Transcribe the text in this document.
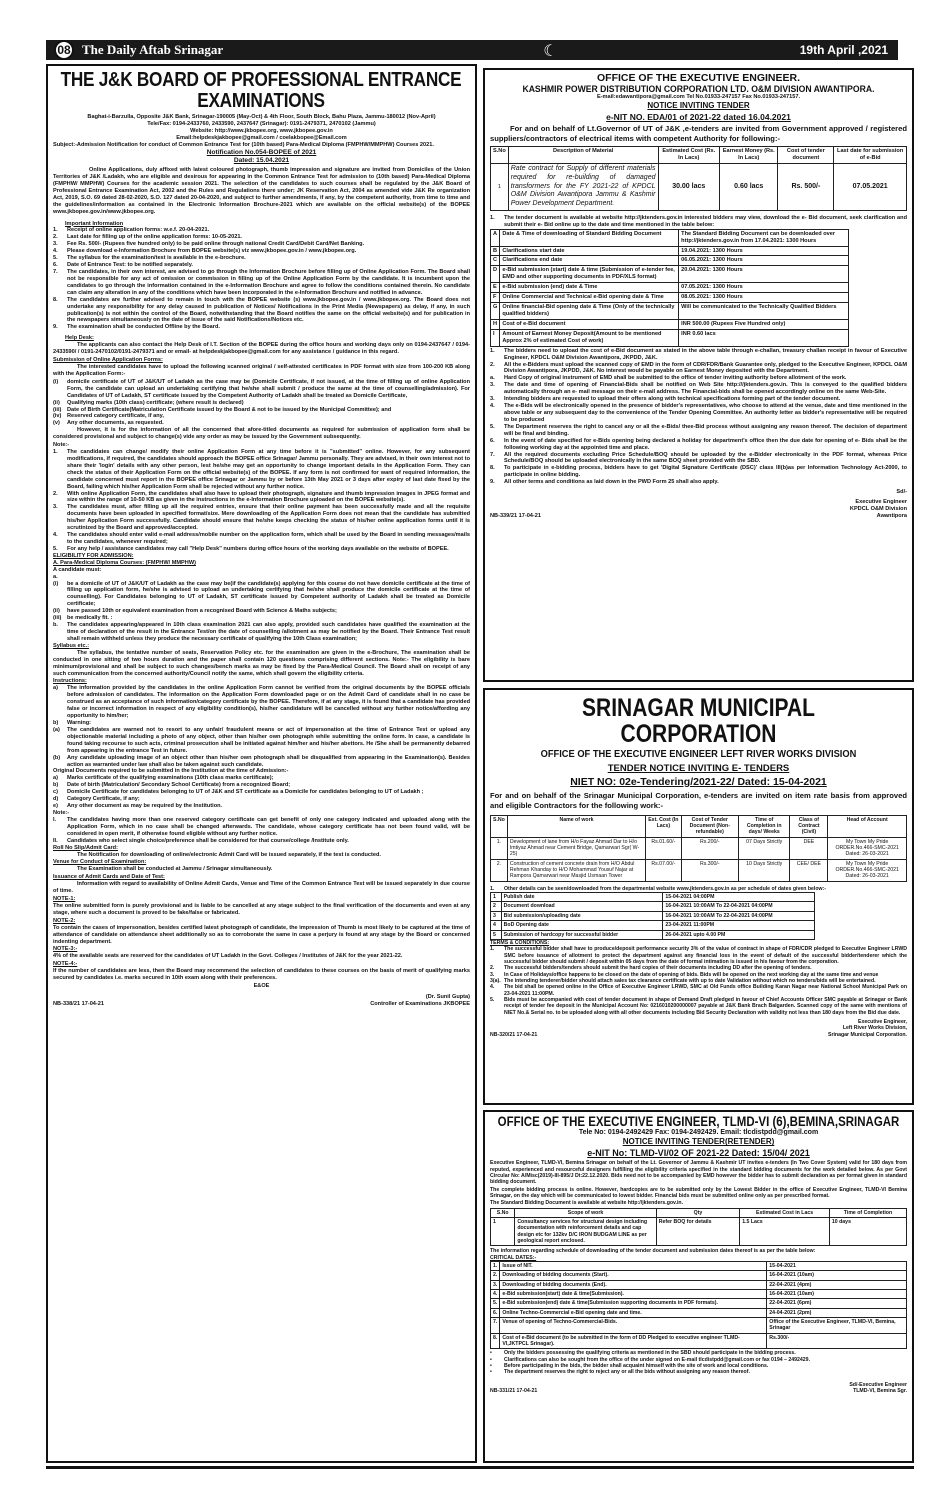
08 The Daily Aftab Srinagar	☾	19th April ,2021
THE J&K BOARD OF PROFESSIONAL ENTRANCE EXAMINATIONS
Baghat-i-Barzulla, Opposite J&K Bank, Srinagar-190005 (May-Oct) & 4th Floor, South Block, Bahu Plaza, Jammu-180012 (Nov-April)
Tele/Fax: 0194-2433760, 2433590, 2437647 (Srinagar): 0191-2479371, 2470102 (Jammu)
Website: http://www.jkbopee.org, www.jkbopee.gov.in
Email:helpdeskjakbopee@gmail.com / coelakbopee@Email.com
Subject:-Admission Notification for conduct of Common Entrance Test for (10th based) Para-Medical Diploma (FMPHW/MMPHW) Courses 2021.
Notification No.054-BOPEE of 2021
Dated: 15.04.2021

Online Applications, duly affixed with latest coloured photograph, thumb impression and signature are invited from Domiciles of the Union Territories of J&K /Ladakh, who are eligible and desirous for appearing in the Common Entrance Test for admission to (10th based) Para-Medical Diploma (FMPHW/ MMPHW) Courses for the academic session 2021. The selection of the candidates to such courses shall be regulated by the J&K Board of Professional Entrance Examination Act, 2002 and the Rules and Regulations there under; JK Reservation Act, 2004 as amended vide J&K Re organization Act, 2019, S.O. 69 dated 28-02-2020, S.O. 127 dated 20-04-2020, and subject to further amendments, if any, by the competent authority, from time to time and the guidelines/information as contained in the Electronic Information Brochure-2021 which are available on the official website(s) of the BOPEE www.jkbopee.gov.in/www.jkbopee.org.

Important Information
1.	Receipt of online application forms: w.e.f. 20-04-2021.
2.	Last date for filling up of the online application forms: 10-05-2021.
3.	Fee Rs. 500/- (Rupees five hundred only) to be paid online through national Credit Card/Debit Card/Net Banking.
4.	Please download e-Information Brochure from BOPEE website(s) viz www.jkbopee.gov.in / www.jkbopee.org.
5.	The syllabus for the examination/test is available in the e-brochure.
6.	Date of Entrance Test: to be notified separately.
7.	The candidates, in their own interest, are advised to go through the Information Brochure before filling up of Online Application Form. The Board shall not be responsible for any act of omission or commission in filling up of the Online Application Form by the candidate. It is incumbent upon the candidates to go through the information contained in the e-Information Brochure and agree to follow the conditions contained therein. No candidate can claim any alteration in any of the conditions which have been incorporated in the e-Information Brochure and notified in advance.
8.	The candidates are further advised to remain in touch with the BOPEE website (s) www.jkbopee.gov.in / www.jkbopee.org. The Board does not undertake any responsibility for any delay caused in publication of Notices/ Notifications in the Print Media (Newspapers) as delay, if any, in such publication(s) is not within the control of the Board, notwithstanding that the Board notifies the same on the official website(s) and for publication in the newspapers simultaneously on the date of issue of the said Notifications/Notices etc.
9.	The examination shall be conducted Offline by the Board.
Help Desk:

The applicants can also contact the Help Desk of I.T. Section of the BOPEE during the office hours and working days only on 0194-2437647 / 0194-2433590/ / 0191-2470102/0191-2479371 and or email- at helpdeskjakbopee@gmail.com for any assistance / guidance in this regard.

Submission of Online Application Forms:

The interested candidates have to upload the following scanned original / self-attested certificates in PDF format with size from 100-200 KB along with the Application Form:-

(i)	domicile certificate of UT of J&K/UT of Ladakh as the case may be (Domicile Certificate, if not issued, at the time of filling up of online Application Form, the candidate can upload an undertaking certifying that he/she shall submit / produce the same at the time of counselling/admission). For Candidates of UT of Ladakh, ST certificate issued by the Competent Authority of Ladakh shall be treated as Domicile Certificate,
(ii)	Qualifying marks (10th class) certificate; (where result is declared)
(iii)	Date of Birth Certificate(Matriculation Certificate issued by the Board & not to be issued by the Municipal Committee); and
(iv)	Reserved category certificate, if any,
(v)	Any other documents, as requested.

However, it is for the information of all the concerned that afore-titled documents as required for submission of application form shall be considered provisional and subject to change(s) vide any order as may be issued by the Government subsequently.

Note:-
1.	The candidates can change/ modify their online Application Form at any time before it is "submitted" online. However, for any subsequent modifications, if required, the candidates should approach the BOPEE office Srinagar/ Jammu personally. They are advised, in their own interest not to share their 'login' details with any other person, lest he/she may get an opportunity to change important details in the Application Form. They can check the status of their Application Form on the official website(s) of the BOPEE. If any form is not confirmed for want of required information, the candidate concerned must report in the BOPEE office Srinagar or Jammu by or before 13th May 2021 or 3 days after expiry of last date fixed by the Board, failing which his/her Application Form shall be rejected without any further notice.
2.	With online Application Form, the candidates shall also have to upload their photograph, signature and thumb impression images in JPEG format and size within the range of 10-50 KB as given in the instructions in the e-Information Brochure uploaded on the BOPEE website(s).
3.	The candidates must, after filling up all the required entries, ensure that their online payment has been successfully made and all the requisite documents have been uploaded in specified format/size. Mere downloading of the Application Form does not mean that the candidate has submitted his/her Application Form successfully. Candidate should ensure that he/she keeps checking the status of his/her online application forms until it is scrutinized by the Board and approved/accepted.
4.	The candidates should enter valid e-mail address/mobile number on the application form, which shall be used by the Board in sending messages/mails to the candidates, whenever required;
5.	For any help / assistance candidates may call "Help Desk" numbers during office hours of the working days available on the website of BOPEE.
ELIGIBILITY FOR ADMISSION:
A. Para-Medical Diploma Courses: (FMPHW/ MMPHW)
A candidate must:
a.
(i)	be a domicile of UT of J&K/UT of Ladakh as the case may be(if the candidate(s) applying for this course do not have domicile certificate at the time of filling up application form, he/she is advised to upload an undertaking certifying that he/she shall produce the domicile certificate at the time of counselling). For Candidates belonging to UT of Ladakh, ST certificate issued by Competent authority of Ladakh shall be treated as Domicile certificate;
(ii)	have passed 10th or equivalent examination from a recognised Board with Science & Maths subjects;
(iii)	be medically fit. :
b.	The candidates appearing/appeared in 10th class examination 2021 can also apply, provided such candidates have qualified the examination at the time of declaration of the result in the Entrance Test/on the date of counselling /allotment as may be notified by the Board. Their Entrance Test result shall remain withheld unless they produce the necessary certificate of qualifying the 10th Class examination;
Syllabus etc.:

The syllabus, the tentative number of seats, Reservation Policy etc. for the examination are given in the e-Brochure, The examination shall be conducted in one sitting of two hours duration and the paper shall contain 120 questions comprising different sections. Note:- The eligibility is bare minimum/provisional and shall be subject to such changes/bench marks as may be fixed by the Para-Medical Council. The Board shall on receipt of any such communication from the concerned authority/Council notify the same, which shall govern the eligibility criteria.

Instructions:
a)	The information provided by the candidates in the online Application Form cannot be verified from the original documents by the BOPEE officials before admission of candidates. The information on the Application Form downloaded page or on the Admit Card of candidate shall in no case be construed as an acceptance of such information/category certificate by the BOPEE. Therefore, if at any stage, it is found that a candidate has provided false or incorrect information in respect of any eligibility condition(s), his/her candidature will be cancelled without any further notice/affording any opportunity to him/her;
b)	Warning:
(a)	The candidates are warned not to resort to any unfair/ fraudulent means or act of impersonation at the time of Entrance Test or upload any objectionable material including a photo of any object, other than his/her own photograph while submitting the online form. In case, a candidate is found taking recourse to such acts, criminal prosecution shall be initiated against him/her and his/her abettors. He /She shall be permanently debarred from appearing in the entrance Test in future.
(b)	Any candidate uploading image of an object other than his/her own photograph shall be disqualified from appearing in the Examination(s). Besides action as warranted under law shall also be taken against such candidate.
Original Documents required to be submitted in the Institution at the time of Admission:-
a)	Marks certificate of the qualifying examinations (10th class marks certificate);
b)	Date of birth (Matriculation/ Secondary School Certificate) from a recognized Board;
c)	Domicile Certificate for candidates belonging to UT of J&K and ST certificate as a Domicile for candidates belonging to UT of Ladakh ;
d)	Category Certificate, if any;
e)	Any other document as may be required by the Institution.
Note:-
I.	The candidates having more than one reserved category certificate can get benefit of only one category indicated and uploaded along with the Application Form, which in no case shall be changed afterwards. The candidate, whose category certificate has not been found valid, will be considered in open merit, if otherwise found eligible without any further notice.
II.	Candidates who select single choice/preference shall be considered for that course/college /Institute only.
Roll No Slip/Admit Card:

The Notification for downloading of online/electronic Admit Card will be issued separately, if the test is conducted.

Venue for Conduct of Examination:

The Examination shall be conducted at Jammu / Srinagar simultaneously.

Issuance of Admit Cards and Date of Test:

Information with regard to availability of Online Admit Cards, Venue and Time of the Common Entrance Test will be issued separately in due course of time.

NOTE-1:

The online submitted form is purely provisional and is liable to be cancelled at any stage subject to the final verification of the documents and even at any stage, where such a document is proved to be fake/false or fabricated.

NOTE-2:

To contain the cases of impersonation, besides certified latest photograph of candidate, the impression of Thumb is most likely to be captured at the time of attendance of candidate on attendance sheet additionally so as to corroborate the same in case a perjury is found at any stage by the Board or concerned indenting department.

NOTE-3:-

4% of the available seats are reserved for the candidates of UT Ladakh in the Govt. Colleges / Institutes of J&K for the year 2021-22.

NOTE-4:-

If the number of candidates are less, then the Board may recommend the selection of candidates to these courses on the basis of merit of qualifying marks secured by candidates i.e. marks secured in 10th exam along with their preferences.

E&OE
(Dr. Sunil Gupta)
NB-338/21 17-04-21	Controller of Examinations JKBOPEE
OFFICE OF THE EXECUTIVE ENGINEER.
KASHMIR POWER DISTRIBUTION CORPORATION LTD. O&M DIVISION AWANTIPORA.
E-mail:edawantipora@gmail.com Tel No.01933-247157 Fax No.01933-247157.
NOTICE INVITING TENDER
e-NIT NO. EDA/01 of 2021-22 dated 16.04.2021

For and on behalf of Lt.Governor of UT of J&K ,e-tenders are invited from Government approved / registered suppliers/contractors of electrical items with competent Authority for following:-

S.No	Description of Material	Estimated Cost (Rs. In Lacs)	Earnest Money (Rs. In Lacs)	Cost of tender document	Last date for submission of e-Bid
1	Rate contract for Supply of different materials required for re-building of damaged transformers for the FY 2021-22 of KPDCL O&M Division Awantipora Jammu & Kashmir Power Development Department.	30.00 lacs	0.60 lacs	Rs. 500/-	07.05.2021
1.	The tender document is available at website http://jktenders.gov.in interested bidders may view, download the e- Bid document, seek clarification and submit their e- Bid online up to the date and time mentioned in the table below:
A	Date & Time of downloading of Standard Bidding Document	The Standard Bidding Document can be downloaded over http://jktenders.gov.in from 17.04.2021: 1300 Hours
B	Clarifications start date	19.04.2021: 1300 Hours
C	Clarifications end date	06.05.2021: 1300 Hours
D	e-Bid submission (start) date & time (Submission of e-tender fee, EMD and other supporting documents in PDF/XLS format)	20.04.2021: 1300 Hours
E	e-Bid submission (end) date & Time	07.05.2021: 1300 Hours
F	Online Commercial and Technical e-Bid opening date & Time	08.05.2021: 1300 Hours
G	Online financial-Bid opening date & Time (Only of the technically qualified bidders)	Will be communicated to the Technically Qualified Bidders
H	Cost of e-Bid document	INR 500.00 (Rupees Five Hundred only)
I	Amount of Earnest Money Deposit(Amount to be mentioned Approx 2% of estimated Cost of work)	INR 0.60 lacs
1.	The bidders need to upload the cost of e-Bid document as stated in the above table through e-challan, treasury challan receipt in favour of Executive Engineer, KPDCL O&M Division Awantipora, JKPDD, J&K.
2.	All the e-Bidders must upload the scanned copy of EMD in the form of CDR/FDR/Bank Guarantee only, pledged to the Executive Engineer, KPDCL O&M Division Awantipora, JKPDD, J&K. No interest would be payable on Earnest Money deposited with the Department.
a.	Hard Copy of original instrument of EMD shall be submitted to the office of tender inviting authority before allotment of the work.
3.	The date and time of opening of Financial-Bids shall be notified on Web Site http:///jktenders.gov.in. This is conveyed to the qualified bidders automatically through an e- mail message on their e-mail address. The Financial-bids shall be opened accordingly online on the same Web-Site.
3.	Intending bidders are requested to upload their offers along with technical specifications forming part of the tender document.
4.	The e-Bids will be electronically opened in the presence of bidder's representatives, who choose to attend at the venue, date and time mentioned in the above table or any subsequent day to the convenience of the Tender Opening Committee. An authority letter as bidder's representative will be required to be produced
5.	The Department reserves the right to cancel any or all the e-Bids/ thee-Bid process without assigning any reason thereof. The decision of department will be final and binding.
6.	In the event of date specified for e-Bids opening being declared a holiday for department's office then the due date for opening of e- Bids shall be the following working day at the appointed time and place.
7.	All the required documents excluding Price Schedule/BOQ should be uploaded by the e-Bidder electronically in the PDF format, whereas Price Schedule/BOQ should be uploaded electronically in the same BOQ sheet provided with the SBD.
8.	To participate in e-bidding process, bidders have to get 'Digital Signature Certificate (DSC)' class III(b)as per Information Technology Act-2000, to participate in online bidding.
9.	All other terms and conditions as laid down in the PWD Form 25 shall also apply.
Sd/-
Executive Engineer
KPDCL O&M Division
NB-339/21 17-04-21	Awantipora
SRINAGAR MUNICIPAL CORPORATION
OFFICE OF THE EXECUTIVE ENGINEER LEFT RIVER WORKS DIVISION
TENDER NOTICE INVITING E- TENDERS
NIET NO: 02e-Tendering/2021-22/ Dated: 15-04-2021

For and on behalf of the Srinagar Municipal Corporation, e-tenders are invited on item rate basis from approved and eligible Contractors for the following work:-

S.No	Name of work	Est. Cost (In Lacs)	Cost of Tender Document (Non-refundable)	Time of Completion in days/ Weeks	Class of Contract (Civil)	Head of Account
1.	Development of lane from H/o Fayaz Ahmad Dar to H/o Imtiyaz Ahmad near Cement Bridge, Qamarwari Sgr( W-25)	Rs.01.60/-	Rs.200/-	07 Days Strictly	DEE	My Town My Pride ORDER.No.466-SMC-2021 Dated: 26-03-2021
2.	Construction of cement concrete drain from H/O Abdul Rehman Khanday to H/O Mohammad Yousuf Najar at Rampora Qamarwari near Masjid Usmaan Tower	Rs.07.00/-	Rs.300/-	10 Days Strictly	CEE/ DEE	My Town My Pride ORDER.No.466-SMC-2021 Dated: 26-03-2021
1.	Other details can be seen/downloaded from the departmental website www.jktenders.gov.in as per schedule of dates given below:-
1	Publish date	15-04-2021 04:00PM
2	Document download	16-04-2021 10:00AM To 22-04-2021 04:00PM
3	Bid submission/uploading date	16-04-2021 10:00AM To 22-04-2021 04:00PM
4	BoD Opening date	23-04-2021 11:00PM
5	Submission of hardcopy for successful bidder	26-04-2021 upto 4.00 PM
TERMS & CONDITIONS:
1.	The successful bidder shall have to produce/deposit performance security 3% of the value of contract in shape of FDR/CDR pledged to Executive Engineer LRWD SMC before issuance of allotment to protect the department against any financial loss in the event of default of the successful bidder/tenderer which the successful bidder should submit / deposit within 05 days from the date of formal intimation is issued in his favour from the corporation.
2.	The successful bidders/tenders should submit the hard copies of their documents including DD after the opening of tenders.
3.	In Case of Holidays/office happens to be closed on the date of opening of bids. Bids will be opened on the next working day at the same time and venue
3(a). The intending tenderer/bidder should attach sales tax clearance certificate with up to date Validation without which no tenders/bids will be entertained.
4.	The bid shall be opened online in the Office of Executive Engineer LRWD, SMC at Old Funds office Building Karan Nagar near National School Municipal Park on 23-04-2021 11:00PM.
5.	Bids must be accompanied with cost of tender document in shape of Demand Draft pledged in favour of Chief Accounts Officer SMC payable at Srinagar or Bank receipt of tender fee deposit in the Municipal Account No: 0216010200000007 payable at J&K Bank Brach Balgarden. Scanned copy of the same with mentions of NIET No.& Serial no. to be uploaded along with all other documents including Bid Security Declaration with validity not less than 180 days from the Bid due date.
Executive Engineer,
Left River Works Division,
NB-320/21 17-04-21	Srinagar Municipal Corporation.
OFFICE OF THE EXECUTIVE ENGINEER, TLMD-VI (6),BEMINA,SRINAGAR
Tele No: 0194-2492429 Fax: 0194-2492429. Email: tlcdistpdd@gmail.com
NOTICE INVITING TENDER(RETENDER)
e-NIT No: TLMD-VI/02 OF 2021-22 Dated: 15/04/ 2021

Executive Engineer, TLMD-VI, Bemina Srinagar on behalf of the Lt. Governor of Jammu & Kashmir UT invites e-tenders (In Two Cover System) valid for 180 days from reputed, experienced and resourceful designers fulfilling the eligibility criteria specified in the standard bidding documents for the work detailed below. As per Govt Circular No: A/Misc(2019)-III-895/J Dt:22.12.2020. Bids need not to be accompanied by EMD however the bidder has to submit declaration as per format given in standard bidding document.

The complete bidding process is online. However, hardcopies are to be submitted only by the Lowest Bidder in the office of Executive Engineer, TLMD-VI Bemina Srinagar, on the day which will be communicated to lowest bidder. Financial bids must be submitted online only as per prescribed format.

The Standard Bidding Document is available at website http://jktenders.gov.in.

S.No	Scope of work	Qty	Estimated Cost in Lacs	Time of Completion
1	Consultancy services for structural design including documentation with reinforcement details and cap design etc for 132kv D/C IRON BUDGAM LINE as per geological report enclosed.	Refer BOQ for details	1.5 Lacs	10 days
The information regarding schedule of downloading of the tender document and submission dates thereof is as per the table below:
CRITICAL DATES:-
1.	Issue of NIT.	15-04-2021
2.	Downloading of bidding documents (Start).	16-04-2021 (10am)
3.	Downloading of bidding documents (End).	22-04-2021 (4pm)
4.	e-Bid submission(start) date & time(Submission).	16-04-2021 (10am)
5.	e-Bid submission(end) date & time(Submission supporting documents in PDF formats).	22-04-2021 (6pm)
6.	Online Techno-Commercial e-Bid opening date and time.	24-04-2021 (2pm)
7.	Venue of opening of Techno-Commercial-Bids.	Office of the Executive Engineer, TLMD-VI, Bemina, Srinagar
8.	Cost of e-Bid document (to be submitted in the form of DD Pledged to executive engineer TLMD-VI,JKTPCL Srinagar).	Rs.300/-
•	Only the bidders possessing the qualifying criteria as mentioned in the SBD should participate in the bidding process.
•	Clarifications can also be sought from the office of the under signed on E-mail tlcdistpdd@gmail.com or fax 0194 – 2492429.
•	Before participating in the bids, the bidder shall acquaint himself with the site of work and local conditions.
•	The department reserves the right to reject any or all the bids without assigning any reason thereof.
Sd/-Executive Engineer
NB-331/21 17-04-21	TLMD-VI, Bemina Sgr.
